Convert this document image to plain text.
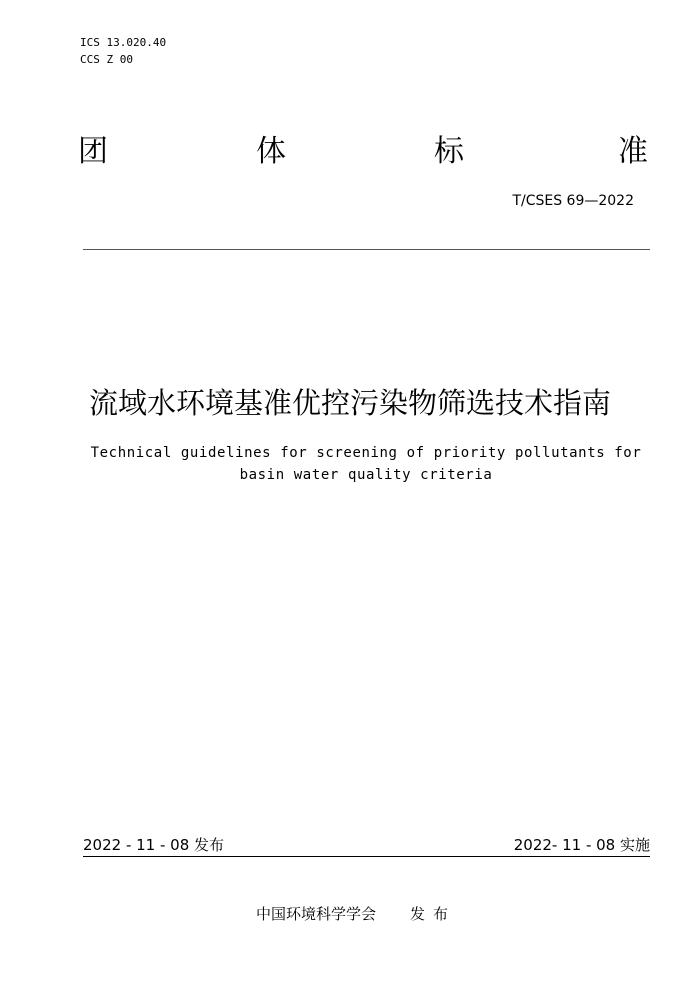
ICS 13.020.40
CCS Z 00
团	体	标	准
T/CSES 69—2022
流域水环境基准优控污染物筛选技术指南
Technical guidelines for screening of priority pollutants for basin water quality criteria
2022 - 11 - 08 发布	2022- 11 - 08 实施
中国环境科学学会 发布
